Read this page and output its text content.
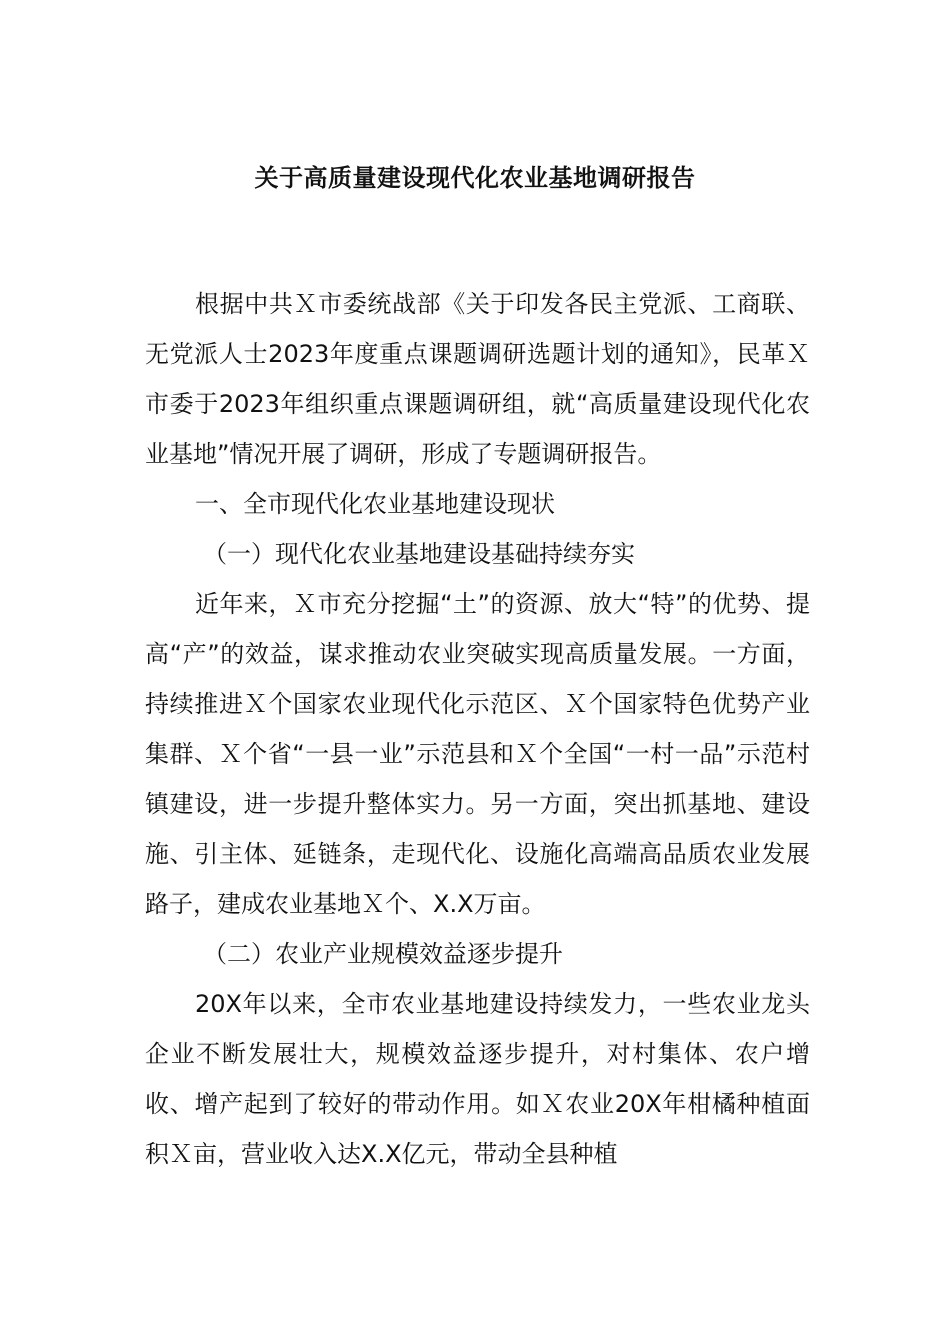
关于高质量建设现代化农业基地调研报告

根据中共Ｘ市委统战部《关于印发各民主党派、工商联、无党派人士2023年度重点课题调研选题计划的通知》，民革Ｘ市委于2023年组织重点课题调研组，就“高质量建设现代化农业基地”情况开展了调研，形成了专题调研报告。

一、全市现代化农业基地建设现状

（一）现代化农业基地建设基础持续夯实

近年来，Ｘ市充分挖掘“土”的资源、放大“特”的优势、提高“产”的效益，谋求推动农业突破实现高质量发展。一方面，持续推进Ｘ个国家农业现代化示范区、Ｘ个国家特色优势产业集群、Ｘ个省“一县一业”示范县和Ｘ个全国“一村一品”示范村镇建设，进一步提升整体实力。另一方面，突出抓基地、建设施、引主体、延链条，走现代化、设施化高端高品质农业发展路子，建成农业基地Ｘ个、X.X万亩。

（二）农业产业规模效益逐步提升

20X年以来，全市农业基地建设持续发力，一些农业龙头企业不断发展壮大，规模效益逐步提升，对村集体、农户增收、增产起到了较好的带动作用。如Ｘ农业20X年柑橘种植面积Ｘ亩，营业收入达X.X亿元，带动全县种植
